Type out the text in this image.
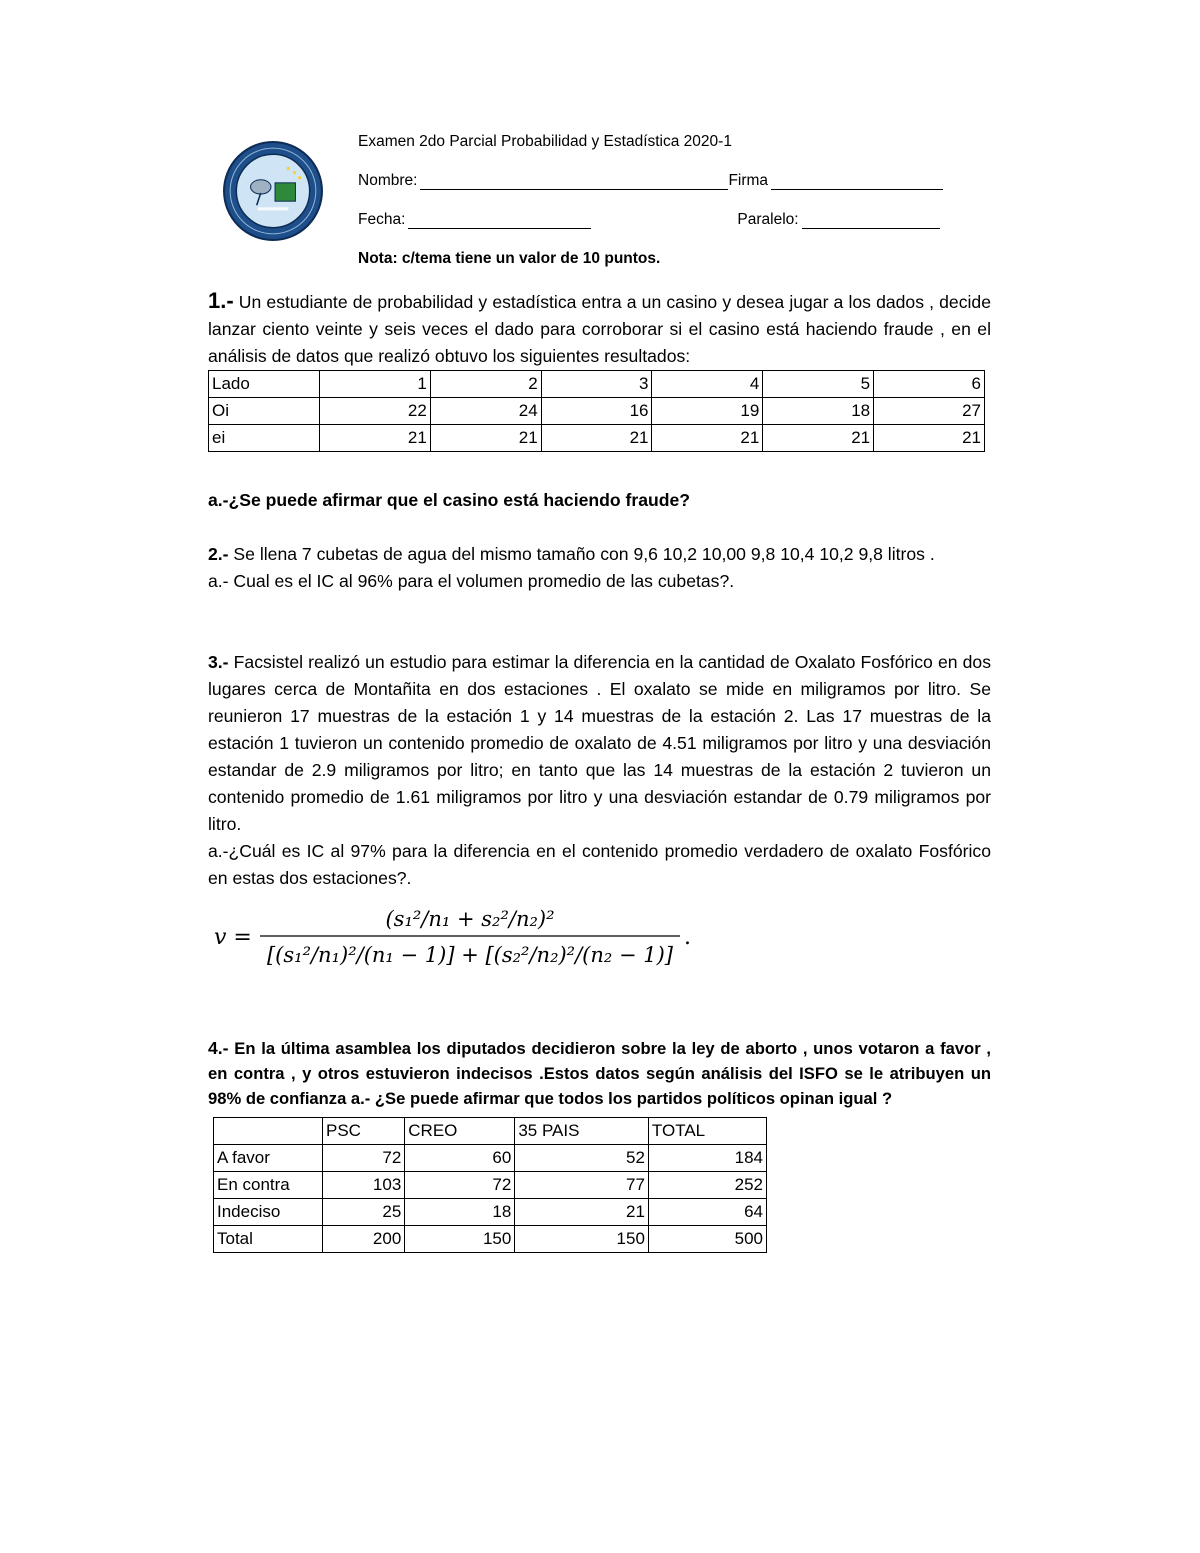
Examen 2do Parcial Probabilidad y Estadística 2020-1
Nombre:	Firma
Fecha:	Paralelo:
Nota: c/tema tiene un valor de 10 puntos.
1.- Un estudiante de probabilidad y estadística entra a un casino y desea jugar a los dados , decide lanzar ciento veinte y seis veces el dado para corroborar si el casino está haciendo fraude , en el análisis de datos que realizó obtuvo los siguientes resultados:
Lado	1	2	3	4	5	6
Oi	22	24	16	19	18	27
ei	21	21	21	21	21	21
a.-¿Se puede afirmar que el casino está haciendo fraude?
2.- Se llena 7 cubetas de agua del mismo tamaño con 9,6 10,2 10,00 9,8 10,4 10,2 9,8 litros .
a.- Cual es el IC al 96% para el volumen promedio de las cubetas?.
3.- Facsistel realizó un estudio para estimar la diferencia en la cantidad de Oxalato Fosfórico en dos lugares cerca de Montañita en dos estaciones . El oxalato se mide en miligramos por litro. Se reunieron 17 muestras de la estación 1 y 14 muestras de la estación 2. Las 17 muestras de la estación 1 tuvieron un contenido promedio de oxalato de 4.51 miligramos por litro y una desviación estandar de 2.9 miligramos por litro; en tanto que las 14 muestras de la estación 2 tuvieron un contenido promedio de 1.61 miligramos por litro y una desviación estandar de 0.79 miligramos por litro.
a.-¿Cuál es IC al 97% para la diferencia en el contenido promedio verdadero de oxalato Fosfórico en estas dos estaciones?.
v =
(s₁²/n₁ + s₂²/n₂)²
[(s₁²/n₁)²/(n₁ − 1)] + [(s₂²/n₂)²/(n₂ − 1)]
.
4.- En la última asamblea los diputados decidieron sobre la ley de aborto , unos votaron a favor , en contra , y otros estuvieron indecisos .Estos datos según análisis del ISFO se le atribuyen un 98% de confianza a.- ¿Se puede afirmar que todos los partidos políticos opinan igual ?
	PSC	CREO	35 PAIS	TOTAL
A favor	72	60	52	184
En contra	103	72	77	252
Indeciso	25	18	21	64
Total	200	150	150	500
